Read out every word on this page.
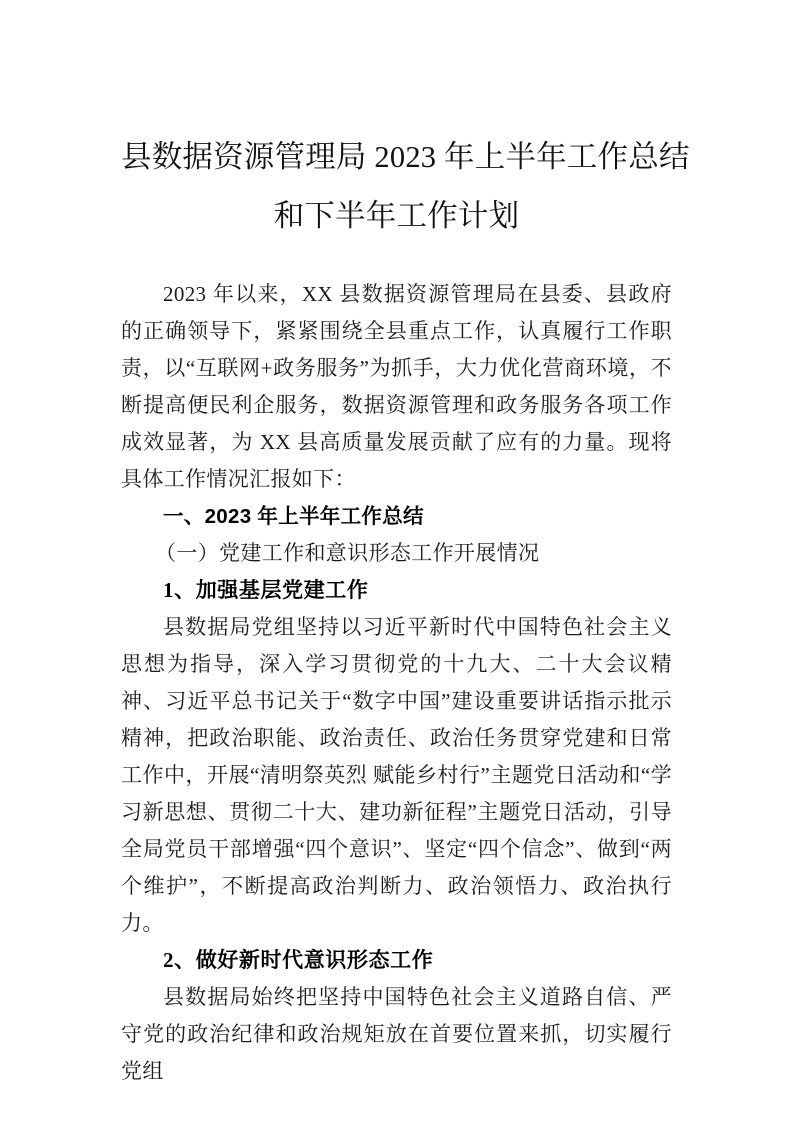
县数据资源管理局 2023 年上半年工作总结
和下半年工作计划

2023 年以来，XX 县数据资源管理局在县委、县政府的正确领导下，紧紧围绕全县重点工作，认真履行工作职责，以“互联网+政务服务”为抓手，大力优化营商环境，不断提高便民利企服务，数据资源管理和政务服务各项工作成效显著，为 XX 县高质量发展贡献了应有的力量。现将具体工作情况汇报如下：

一、2023 年上半年工作总结
（一）党建工作和意识形态工作开展情况
1、加强基层党建工作

县数据局党组坚持以习近平新时代中国特色社会主义思想为指导，深入学习贯彻党的十九大、二十大会议精神、习近平总书记关于“数字中国”建设重要讲话指示批示精神，把政治职能、政治责任、政治任务贯穿党建和日常工作中，开展“清明祭英烈 赋能乡村行”主题党日活动和“学习新思想、贯彻二十大、建功新征程”主题党日活动，引导全局党员干部增强“四个意识”、坚定“四个信念”、做到“两个维护”，不断提高政治判断力、政治领悟力、政治执行力。

2、做好新时代意识形态工作

县数据局始终把坚持中国特色社会主义道路自信、严守党的政治纪律和政治规矩放在首要位置来抓，切实履行党组
